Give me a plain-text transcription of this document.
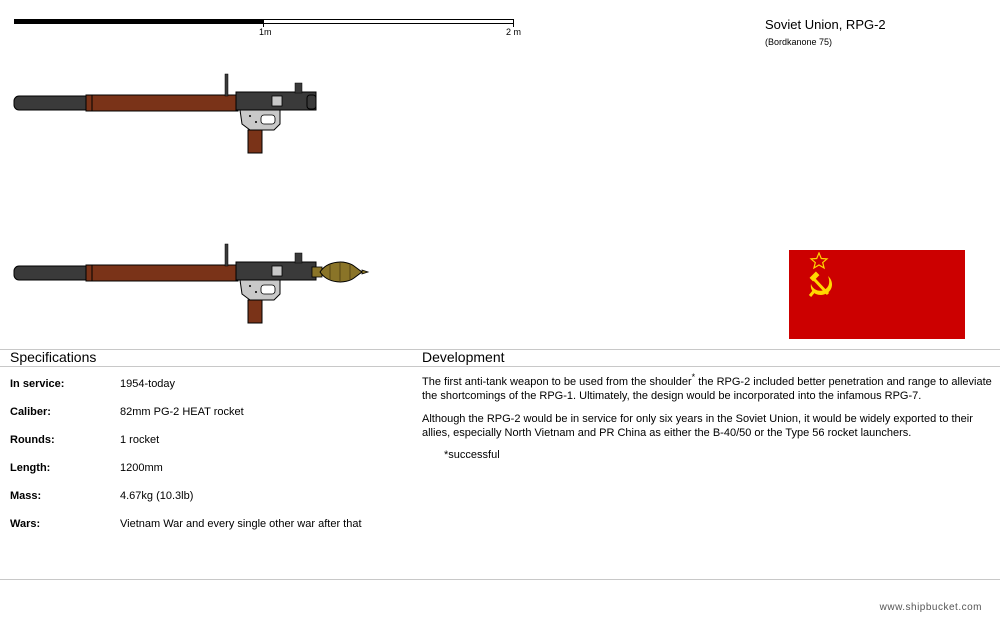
1m	2 m	Soviet Union, RPG-2
(Bordkanone 75)
Specifications	Development
In service:	1954-today
Caliber:	82mm PG-2 HEAT rocket
Rounds:	1 rocket
Length:	1200mm
Mass:	4.67kg (10.3lb)
Wars:	Vietnam War and every single other war after that

The first anti-tank weapon to be used from the shoulder* the RPG-2 included better penetration and range to alleviate the shortcomings of the RPG-1. Ultimately, the design would be incorporated into the infamous RPG-7.

Although the RPG-2 would be in service for only six years in the Soviet Union, it would be widely exported to their allies, especially North Vietnam and PR China as either the B-40/50 or the Type 56 rocket launchers.

*successful
www.shipbucket.com
